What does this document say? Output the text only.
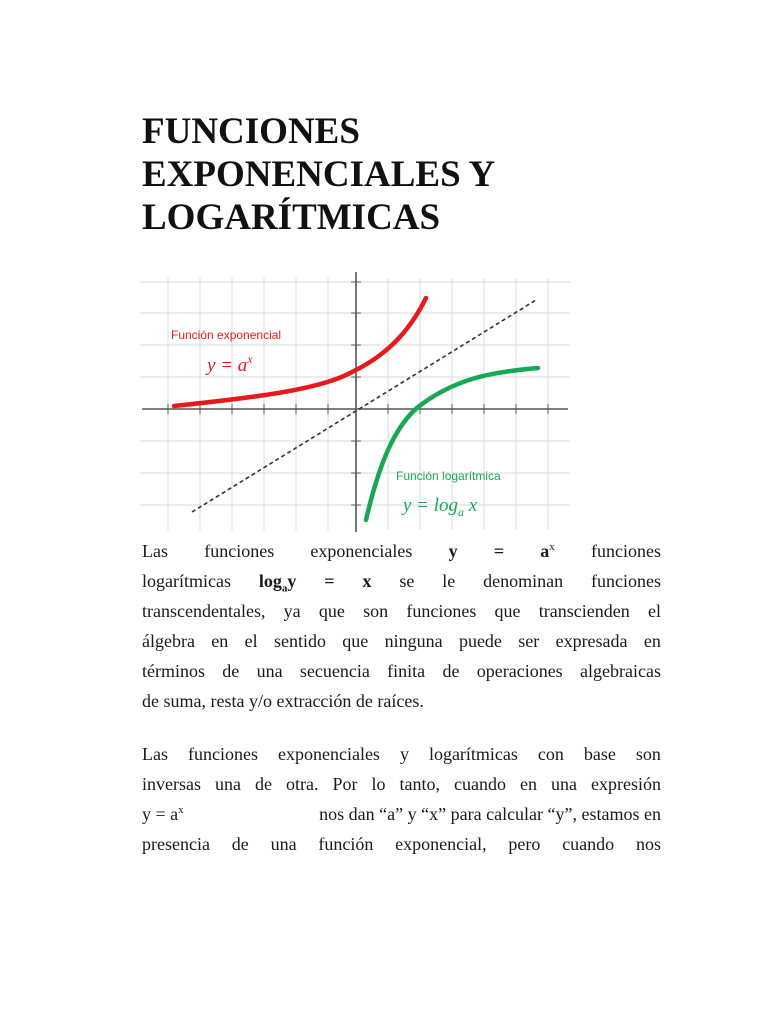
FUNCIONES
EXPONENCIALES Y
LOGARÍTMICAS
Función exponencial
$y = a^x$
Función logarítmica
$y = \log_a x$
Las funciones exponenciales $y = a^x$ funciones
logarítmicas $\log_ay = x$ se le denominan funciones
transcendentales, ya que son funciones que transcienden el
álgebra en el sentido que ninguna puede ser expresada en
términos de una secuencia finita de operaciones algebraicas
de suma, resta y/o extracción de raíces.
Las funciones exponenciales y logarítmicas con base son
inversas una de otra. Por lo tanto, cuando en una expresión
$y = a^x$	nos dan “a” y “x” para calcular “y”, estamos en
presencia de una función exponencial, pero cuando nos
